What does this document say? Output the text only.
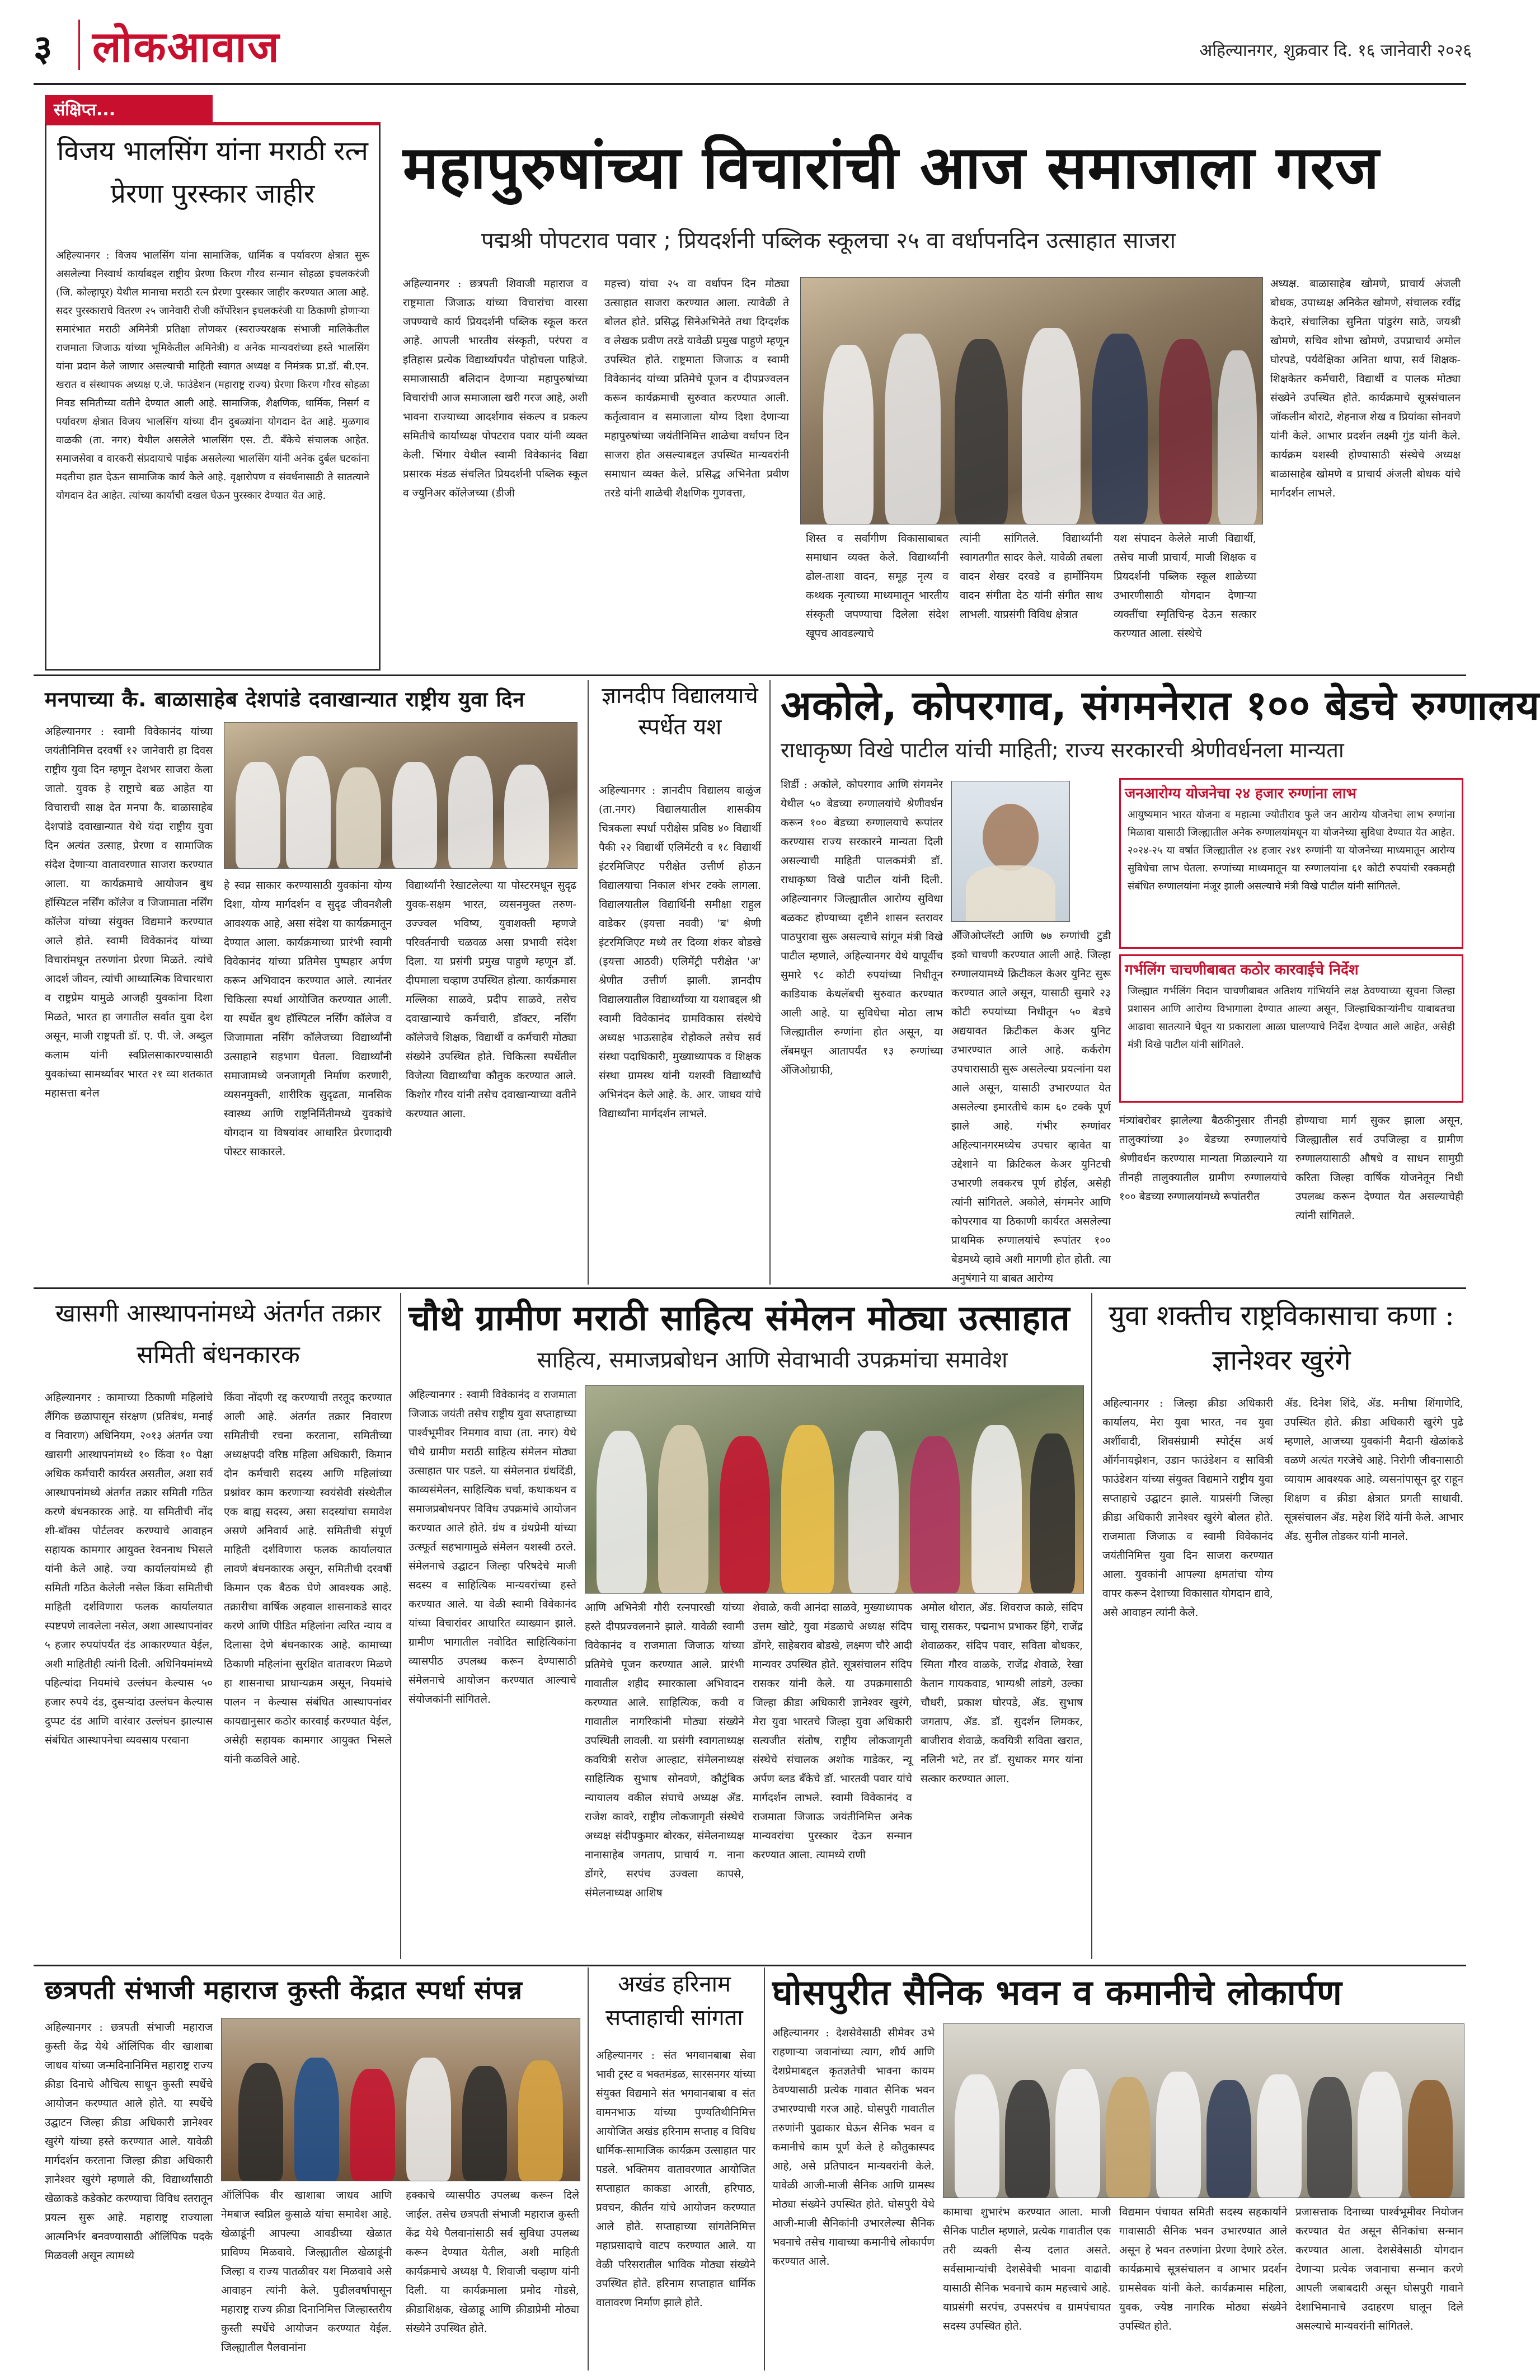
३ लोकआवाज	अहिल्यानगर, शुक्रवार दि. १६ जानेवारी २०२६
संक्षिप्त...
विजय भालसिंग यांना मराठी रत्न प्रेरणा पुरस्कार जाहीर
अहिल्यानगर : विजय भालसिंग यांना सामाजिक, धार्मिक व पर्यावरण क्षेत्रात सुरू असलेल्या निस्वार्थ कार्याबद्दल राष्ट्रीय प्रेरणा किरण गौरव सन्मान सोहळा इचलकरंजी (जि. कोल्हापूर) येथील मानाचा मराठी रत्न प्रेरणा पुरस्कार जाहीर करण्यात आला आहे. सदर पुरस्काराचे वितरण २५ जानेवारी रोजी कॉर्पोरेशन इचलकरंजी या ठिकाणी होणाऱ्या समारंभात मराठी अमिनेत्री प्रतिक्षा लोणकर (स्वराज्यरक्षक संभाजी मालिकेतील राजमाता जिजाऊ यांच्या भूमिकेतील अमिनेत्री) व अनेक मान्यवरांच्या हस्ते भालसिंग यांना प्रदान केले जाणार असल्याची माहिती स्वागत अध्यक्ष व निमंत्रक प्रा.डॉ. बी.एन. खरात व संस्थापक अध्यक्ष ए.जे. फाउंडेशन (महाराष्ट्र राज्य) प्रेरणा किरण गौरव सोहळा निवड समितीच्या वतीने देण्यात आली आहे. सामाजिक, शैक्षणिक, धार्मिक, निसर्ग व पर्यावरण क्षेत्रात विजय भालसिंग यांच्या दीन दुबळ्यांना योगदान देत आहे. मुळगाव वाळकी (ता. नगर) येथील असलेले भालसिंग एस. टी. बँकेचे संचालक आहेत. समाजसेवा व वारकरी संप्रदायाचे पाईक असलेल्या भालसिंग यांनी अनेक दुर्बल घटकांना मदतीचा हात देऊन सामाजिक कार्य केले आहे. वृक्षारोपण व संवर्धनासाठी ते सातत्याने योगदान देत आहेत. त्यांच्या कार्याची दखल घेऊन पुरस्कार देण्यात येत आहे.
महापुरुषांच्या विचारांची आज समाजाला गरज
पद्मश्री पोपटराव पवार ; प्रियदर्शनी पब्लिक स्कूलचा २५ वा वर्धापनदिन उत्साहात साजरा
अहिल्यानगर : छत्रपती शिवाजी महाराज व राष्ट्रमाता जिजाऊ यांच्या विचारांचा वारसा जपण्याचे कार्य प्रियदर्शनी पब्लिक स्कूल करत आहे. आपली भारतीय संस्कृती, परंपरा व इतिहास प्रत्येक विद्यार्थ्यापर्यंत पोहोचला पाहिजे. समाजासाठी बलिदान देणाऱ्या महापुरुषांच्या विचारांची आज समाजाला खरी गरज आहे, अशी भावना राज्याच्या आदर्शगाव संकल्प व प्रकल्प समितीचे कार्याध्यक्ष पोपटराव पवार यांनी व्यक्त केली. भिंगार येथील स्वामी विवेकानंद विद्या प्रसारक मंडळ संचलित प्रियदर्शनी पब्लिक स्कूल व ज्युनिअर कॉलेजच्या (डीजी
महत्त्व) यांचा २५ वा वर्धापन दिन मोठ्या उत्साहात साजरा करण्यात आला. त्यावेळी ते बोलत होते. प्रसिद्ध सिनेअभिनेते तथा दिग्दर्शक व लेखक प्रवीण तरडे यावेळी प्रमुख पाहुणे म्हणून उपस्थित होते. राष्ट्रमाता जिजाऊ व स्वामी विवेकानंद यांच्या प्रतिमेचे पूजन व दीपप्रज्वलन करून कार्यक्रमाची सुरुवात करण्यात आली. कर्तृत्वावान व समाजाला योग्य दिशा देणाऱ्या महापुरुषांच्या जयंतीनिमित्त शाळेचा वर्धापन दिन साजरा होत असल्याबद्दल उपस्थित मान्यवरांनी समाधान व्यक्त केले. प्रसिद्ध अभिनेता प्रवीण तरडे यांनी शाळेची शैक्षणिक गुणवत्ता,
शिस्त व सर्वांगीण विकासाबाबत समाधान व्यक्त केले. विद्यार्थ्यांनी ढोल-ताशा वादन, समूह नृत्य व कथ्थक नृत्याच्या माध्यमातून भारतीय संस्कृती जपण्याचा दिलेला संदेश खूपच आवडल्याचे
त्यांनी सांगितले. विद्यार्थ्यांनी स्वागतगीत सादर केले. यावेळी तबला वादन शेखर दरवडे व हार्मोनियम वादन संगीता देठ यांनी संगीत साथ लाभली. याप्रसंगी विविध क्षेत्रात
यश संपादन केलेले माजी विद्यार्थी, तसेच माजी प्राचार्य, माजी शिक्षक व प्रियदर्शनी पब्लिक स्कूल शाळेच्या उभारणीसाठी योगदान देणाऱ्या व्यक्तींचा स्मृतिचिन्ह देऊन सत्कार करण्यात आला. संस्थेचे
अध्यक्ष. बाळासाहेब खोमणे, प्राचार्य अंजली बोधक, उपाध्यक्ष अनिकेत खोमणे, संचालक रवींद्र केदारे, संचालिका सुनिता पांडुरंग साठे, जयश्री खोमणे, सचिव शोभा खोमणे, उपप्राचार्य अमोल घोरपडे, पर्यवेक्षिका अनिता थापा, सर्व शिक्षक-शिक्षकेतर कर्मचारी, विद्यार्थी व पालक मोठ्या संख्येने उपस्थित होते. कार्यक्रमाचे सूत्रसंचालन जॉकलीन बोराटे, शेहनाज शेख व प्रियांका सोनवणे यांनी केले. आभार प्रदर्शन लक्ष्मी गुंड यांनी केले. कार्यक्रम यशस्वी होण्यासाठी संस्थेचे अध्यक्ष बाळासाहेब खोमणे व प्राचार्य अंजली बोधक यांचे मार्गदर्शन लाभले.
मनपाच्या कै. बाळासाहेब देशपांडे दवाखान्यात राष्ट्रीय युवा दिन
अहिल्यानगर : स्वामी विवेकानंद यांच्या जयंतीनिमित्त दरवर्षी १२ जानेवारी हा दिवस राष्ट्रीय युवा दिन म्हणून देशभर साजरा केला जातो. युवक हे राष्ट्राचे बळ आहेत या विचाराची साक्ष देत मनपा कै. बाळासाहेब देशपांडे दवाखान्यात येथे यंदा राष्ट्रीय युवा दिन अत्यंत उत्साह, प्रेरणा व सामाजिक संदेश देणाऱ्या वातावरणात साजरा करण्यात आला. या कार्यक्रमाचे आयोजन बुथ हॉस्पिटल नर्सिंग कॉलेज व जिजामाता नर्सिंग कॉलेज यांच्या संयुक्त विद्यमाने करण्यात आले होते. स्वामी विवेकानंद यांच्या विचारांमधून तरुणांना प्रेरणा मिळते. त्यांचे आदर्श जीवन, त्यांची आध्यात्मिक विचारधारा व राष्ट्रप्रेम यामुळे आजही युवकांना दिशा मिळते, भारत हा जगातील सर्वात युवा देश असून, माजी राष्ट्रपती डॉ. ए. पी. जे. अब्दुल कलाम यांनी स्वप्निलसाकारण्यासाठी युवकांच्या सामर्थ्यावर भारत २१ व्या शतकात महासत्ता बनेल
हे स्वप्न साकार करण्यासाठी युवकांना योग्य दिशा, योग्य मार्गदर्शन व सुदृढ जीवनशैली आवश्यक आहे, असा संदेश या कार्यक्रमातून देण्यात आला. कार्यक्रमाच्या प्रारंभी स्वामी विवेकानंद यांच्या प्रतिमेस पुष्पहार अर्पण करून अभिवादन करण्यात आले. त्यानंतर चिकित्सा स्पर्धा आयोजित करण्यात आली. या स्पर्धेत बुथ हॉस्पिटल नर्सिंग कॉलेज व जिजामाता नर्सिंग कॉलेजच्या विद्यार्थ्यांनी उत्साहाने सहभाग घेतला. विद्यार्थ्यांनी समाजामध्ये जनजागृती निर्माण करणारी, व्यसनमुक्ती, शारीरिक सुदृढता, मानसिक स्वास्थ्य आणि राष्ट्रनिर्मितीमध्ये युवकांचे योगदान या विषयांवर आधारित प्रेरणादायी पोस्टर साकारले.
विद्यार्थ्यांनी रेखाटलेल्या या पोस्टरमधून सुदृढ युवक-सक्षम भारत, व्यसनमुक्त तरुण-उज्ज्वल भविष्य, युवाशक्ती म्हणजे परिवर्तनाची चळवळ असा प्रभावी संदेश दिला. या प्रसंगी प्रमुख पाहुणे म्हणून डॉ. दीपमाला चव्हाण उपस्थित होत्या. कार्यक्रमास मल्लिका साळवे, प्रदीप साळवे, तसेच दवाखान्याचे कर्मचारी, डॉक्टर, नर्सिंग कॉलेजचे शिक्षक, विद्यार्थी व कर्मचारी मोठ्या संख्येने उपस्थित होते. चिकित्सा स्पर्धेतील विजेत्या विद्यार्थ्यांचा कौतुक करण्यात आले. किशोर गौरव यांनी तसेच दवाखान्याच्या वतीने करण्यात आला.
ज्ञानदीप विद्यालयाचे स्पर्धेत यश
अहिल्यानगर : ज्ञानदीप विद्यालय वाळुंज (ता.नगर) विद्यालयातील शासकीय चित्रकला स्पर्धा परीक्षेस प्रविष्ठ ४० विद्यार्थी पैकी २२ विद्यार्थी एलिमेंटरी व १८ विद्यार्थी इंटरमिजिएट परीक्षेत उत्तीर्ण होऊन विद्यालयाचा निकाल शंभर टक्के लागला. विद्यालयातील विद्यार्थिनी समीक्षा राहुल वाडेकर (इयत्ता नववी) 'ब' श्रेणी इंटरमिजिएट मध्ये तर दिव्या शंकर बोडखे (इयत्ता आठवी) एलिमेंट्री परीक्षेत 'अ' श्रेणीत उत्तीर्ण झाली. ज्ञानदीप विद्यालयातील विद्यार्थ्यांच्या या यशाबद्दल श्री स्वामी विवेकानंद ग्रामविकास संस्थेचे अध्यक्ष भाऊसाहेब रोहोकले तसेच सर्व संस्था पदाधिकारी, मुख्याध्यापक व शिक्षक संस्था ग्रामस्थ यांनी यशस्वी विद्यार्थ्यांचे अभिनंदन केले आहे. के. आर. जाधव यांचे विद्यार्थ्यांना मार्गदर्शन लाभले.
अकोले, कोपरगाव, संगमनेरात १०० बेडचे रुग्णालय
राधाकृष्ण विखे पाटील यांची माहिती; राज्य सरकारची श्रेणीवर्धनला मान्यता
शिर्डी : अकोले, कोपरगाव आणि संगमनेर येथील ५० बेडच्या रुग्णालयांचे श्रेणीवर्धन करून १०० बेडच्या रुग्णालयाचे रूपांतर करण्यास राज्य सरकारने मान्यता दिली असल्याची माहिती पालकमंत्री डॉ. राधाकृष्ण विखे पाटील यांनी दिली. अहिल्यानगर जिल्ह्यातील आरोग्य सुविधा बळकट होण्याच्या दृष्टीने शासन स्तरावर पाठपुरावा सुरू असल्याचे सांगून मंत्री विखे पाटील म्हणाले, अहिल्यानगर येथे यापूर्वीच सुमारे ९८ कोटी रुपयांच्या निधीतून काडियाक केथलॅबची सुरुवात करण्यात आली आहे. या सुविधेचा मोठा लाभ जिल्ह्यातील रुग्णांना होत असून, या लॅबमधून आतापर्यंत १३ रुग्णांच्या अँजिओग्राफी,
अँजिओप्लॅस्टी आणि ७७ रुग्णांची टुडी इको चाचणी करण्यात आली आहे. जिल्हा रुग्णालयामध्ये क्रिटीकल केअर युनिट सुरू करण्यात आले असून, यासाठी सुमारे २३ कोटी रुपयांच्या निधीतून ५० बेडचे अद्ययावत क्रिटीकल केअर युनिट उभारण्यात आले आहे. कर्करोग उपचारासाठी सुरू असलेल्या प्रयत्नांना यश आले असून, यासाठी उभारण्यात येत असलेल्या इमारतीचे काम ६० टक्के पूर्ण झाले आहे. गंभीर रुग्णांवर अहिल्यानगरमध्येच उपचार व्हावेत या उद्देशाने या क्रिटिकल केअर युनिटची उभारणी लवकरच पूर्ण होईल, असेही त्यांनी सांगितले. अकोले, संगमनेर आणि कोपरगाव या ठिकाणी कार्यरत असलेल्या प्राथमिक रुग्णालयांचे रूपांतर १०० बेडमध्ये व्हावे अशी मागणी होत होती. त्या अनुषंगाने या बाबत आरोग्य
जनआरोग्य योजनेचा २४ हजार रुग्णांना लाभ
आयुष्यमान भारत योजना व महात्मा ज्योतीराव फुले जन आरोग्य योजनेचा लाभ रुग्णांना मिळावा यासाठी जिल्ह्यातील अनेक रुग्णालयांमधून या योजनेच्या सुविधा देण्यात येत आहेत. २०२४-२५ या वर्षात जिल्ह्यातील २४ हजार २४१ रुग्णांनी या योजनेच्या माध्यमातून आरोग्य सुविधेचा लाभ घेतला. रुग्णांच्या माध्यमातून या रुग्णालयांना ६१ कोटी रुपयांची रक्कमही संबंधित रुग्णालयांना मंजूर झाली असल्याचे मंत्री विखे पाटील यांनी सांगितले.
गर्भलिंग चाचणीबाबत कठोर कारवाईचे निर्देश
जिल्ह्यात गर्भलिंग निदान चाचणीबाबत अतिशय गांभिर्याने लक्ष ठेवण्याच्या सूचना जिल्हा प्रशासन आणि आरोग्य विभागाला देण्यात आल्या असून, जिल्हाधिकाऱ्यांनीच याबाबतचा आढावा सातत्याने घेवून या प्रकाराला आळा घालण्याचे निर्देश देण्यात आले आहेत, असेही मंत्री विखे पाटील यांनी सांगितले.
मंत्र्यांबरोबर झालेल्या बैठकीनुसार तीनही तालुक्यांच्या ३० बेडच्या रुग्णालयांचे श्रेणीवर्धन करण्यास मान्यता मिळाल्याने या तीनही तालुक्यातील ग्रामीण रुग्णालयांचे १०० बेडच्या रुग्णालयांमध्ये रूपांतरीत
होण्याचा मार्ग सुकर झाला असून, जिल्ह्यातील सर्व उपजिल्हा व ग्रामीण रुग्णालयासाठी औषधे व साधन सामुग्री करिता जिल्हा वार्षिक योजनेतून निधी उपलब्ध करून देण्यात येत असल्याचेही त्यांनी सांगितले.
खासगी आस्थापनांमध्ये अंतर्गत तक्रार समिती बंधनकारक
अहिल्यानगर : कामाच्या ठिकाणी महिलांचे लैंगिक छळापासून संरक्षण (प्रतिबंध, मनाई व निवारण) अधिनियम, २०१३ अंतर्गत ज्या खासगी आस्थापनांमध्ये १० किंवा १० पेक्षा अधिक कर्मचारी कार्यरत असतील, अशा सर्व आस्थापनांमध्ये अंतर्गत तक्रार समिती गठित करणे बंधनकारक आहे. या समितीची नोंद शी-बॉक्स पोर्टलवर करण्याचे आवाहन सहायक कामगार आयुक्त रेवननाथ भिसले यांनी केले आहे. ज्या कार्यालयांमध्ये ही समिती गठित केलेली नसेल किंवा समितीची माहिती दर्शविणारा फलक कार्यालयात स्पष्टपणे लावलेला नसेल, अशा आस्थापनांवर ५ हजार रुपयांपर्यंत दंड आकारण्यात येईल, अशी माहितीही त्यांनी दिली. अधिनियमांमध्ये पहिल्यांदा नियमांचे उल्लंघन केल्यास ५० हजार रुपये दंड, दुसऱ्यांदा उल्लंघन केल्यास दुप्पट दंड आणि वारंवार उल्लंघन झाल्यास संबंधित आस्थापनेचा व्यवसाय परवाना
किंवा नोंदणी रद्द करण्याची तरतूद करण्यात आली आहे. अंतर्गत तक्रार निवारण समितीची रचना करताना, समितीच्या अध्यक्षपदी वरिष्ठ महिला अधिकारी, किमान दोन कर्मचारी सदस्य आणि महिलांच्या प्रश्नांवर काम करणाऱ्या स्वयंसेवी संस्थेतील एक बाह्य सदस्य, असा सदस्यांचा समावेश असणे अनिवार्य आहे. समितीची संपूर्ण माहिती दर्शविणारा फलक कार्यालयात लावणे बंधनकारक असून, समितीची दरवर्षी किमान एक बैठक घेणे आवश्यक आहे. तक्रारीचा वार्षिक अहवाल शासनाकडे सादर करणे आणि पीडित महिलांना त्वरित न्याय व दिलासा देणे बंधनकारक आहे. कामाच्या ठिकाणी महिलांना सुरक्षित वातावरण मिळणे हा शासनाचा प्राधान्यक्रम असून, नियमांचे पालन न केल्यास संबंधित आस्थापनांवर कायद्यानुसार कठोर कारवाई करण्यात येईल, असेही सहायक कामगार आयुक्त भिसले यांनी कळविले आहे.
चौथे ग्रामीण मराठी साहित्य संमेलन मोठ्या उत्साहात
साहित्य, समाजप्रबोधन आणि सेवाभावी उपक्रमांचा समावेश
अहिल्यानगर : स्वामी विवेकानंद व राजमाता जिजाऊ जयंती तसेच राष्ट्रीय युवा सप्ताहाच्या पार्श्वभूमीवर निमगाव वाघा (ता. नगर) येथे चौथे ग्रामीण मराठी साहित्य संमेलन मोठ्या उत्साहात पार पडले. या संमेलनात ग्रंथदिंडी, काव्यसंमेलन, साहित्यिक चर्चा, कथाकथन व समाजप्रबोधनपर विविध उपक्रमांचे आयोजन करण्यात आले होते. ग्रंथ व ग्रंथप्रेमी यांच्या उत्स्फूर्त सहभागामुळे संमेलन यशस्वी ठरले. संमेलनाचे उद्घाटन जिल्हा परिषदेचे माजी सदस्य व साहित्यिक मान्यवरांच्या हस्ते करण्यात आले. या वेळी स्वामी विवेकानंद यांच्या विचारांवर आधारित व्याख्यान झाले. ग्रामीण भागातील नवोदित साहित्यिकांना व्यासपीठ उपलब्ध करून देण्यासाठी संमेलनाचे आयोजन करण्यात आल्याचे संयोजकांनी सांगितले.
आणि अभिनेत्री गौरी रत्नपारखी यांच्या हस्ते दीपप्रज्वलनाने झाले. यावेळी स्वामी विवेकानंद व राजमाता जिजाऊ यांच्या प्रतिमेचे पूजन करण्यात आले. प्रारंभी गावातील शहीद स्मारकाला अभिवादन करण्यात आले. साहित्यिक, कवी व गावातील नागरिकांनी मोठ्या संख्येने उपस्थिती लावली. या प्रसंगी स्वागताध्यक्ष कवयित्री सरोज आल्हाट, संमेलनाध्यक्ष साहित्यिक सुभाष सोनवणे, कौटुंबिक न्यायालय वकील संघाचे अध्यक्ष ॲड. राजेश कावरे, राष्ट्रीय लोकजागृती संस्थेचे अध्यक्ष संदीपकुमार बोरकर, संमेलनाध्यक्ष नानासाहेब जगताप, प्राचार्य ग. नाना डोंगरे, सरपंच उज्वला कापसे, संमेलनाध्यक्ष आशिष
शेवाळे, कवी आनंदा साळवे, मुख्याध्यापक उत्तम खोटे, युवा मंडळाचे अध्यक्ष संदिप डोंगरे, साहेबराव बोडखे, लक्ष्मण चौरे आदी मान्यवर उपस्थित होते. सूत्रसंचालन संदिप रासकर यांनी केले. या उपक्रमासाठी जिल्हा क्रीडा अधिकारी ज्ञानेश्वर खुरंगे, मेरा युवा भारतचे जिल्हा युवा अधिकारी सत्यजीत संतोष, राष्ट्रीय लोकजागृती संस्थेचे संचालक अशोक गाडेकर, न्यू अर्पण ब्लड बँकेचे डॉ. भारतवी पवार यांचे मार्गदर्शन लाभले. स्वामी विवेकानंद व राजमाता जिजाऊ जयंतीनिमित्त अनेक मान्यवरांचा पुरस्कार देऊन सन्मान करण्यात आला. त्यामध्ये राणी
अमोल थोरात, ॲड. शिवराज काळे, संदिप चासू रासकर, पद्मनाभ प्रभाकर हिंगे, राजेंद्र शेवाळकर, संदिप पवार, सविता बोधकर, स्मिता गौरव वाळके, राजेंद्र शेवाळे, रेखा केतान गायकवाड, भाग्यश्री लांडगे, उल्का चौधरी, प्रकाश घोरपडे, ॲड. सुभाष जगताप, ॲड. डॉ. सुदर्शन लिमकर, बाजीराव शेवाळे, कवयित्री सविता खरात, नलिनी भटे, तर डॉ. सुधाकर मगर यांना सत्कार करण्यात आला.
युवा शक्तीच राष्ट्रविकासाचा कणा : ज्ञानेश्वर खुरंगे
अहिल्यानगर : जिल्हा क्रीडा अधिकारी कार्यालय, मेरा युवा भारत, नव युवा अर्शीवादी, शिवसंग्रामी स्पोर्ट्स अर्थ ऑर्गनायझेशन, उडान फाउंडेशन व सावित्री फाउंडेशन यांच्या संयुक्त विद्यमाने राष्ट्रीय युवा सप्ताहाचे उद्घाटन झाले. याप्रसंगी जिल्हा क्रीडा अधिकारी ज्ञानेश्वर खुरंगे बोलत होते. राजमाता जिजाऊ व स्वामी विवेकानंद जयंतीनिमित्त युवा दिन साजरा करण्यात आला. युवकांनी आपल्या क्षमतांचा योग्य वापर करून देशाच्या विकासात योगदान द्यावे, असे आवाहन त्यांनी केले.
ॲड. दिनेश शिंदे, ॲड. मनीषा शिंगाणेदि, उपस्थित होते. क्रीडा अधिकारी खुरंगे पुढे म्हणाले, आजच्या युवकांनी मैदानी खेळांकडे वळणे अत्यंत गरजेचे आहे. निरोगी जीवनासाठी व्यायाम आवश्यक आहे. व्यसनांपासून दूर राहून शिक्षण व क्रीडा क्षेत्रात प्रगती साधावी. सूत्रसंचालन ॲड. महेश शिंदे यांनी केले. आभार ॲड. सुनील तोडकर यांनी मानले.
छत्रपती संभाजी महाराज कुस्ती केंद्रात स्पर्धा संपन्न
अहिल्यानगर : छत्रपती संभाजी महाराज कुस्ती केंद्र येथे ऑलिंपिक वीर खाशाबा जाधव यांच्या जन्मदिनानिमित्त महाराष्ट्र राज्य क्रीडा दिनाचे औचित्य साधून कुस्ती स्पर्धेचे आयोजन करण्यात आले होते. या स्पर्धेचे उद्घाटन जिल्हा क्रीडा अधिकारी ज्ञानेश्वर खुरंगे यांच्या हस्ते करण्यात आले. यावेळी मार्गदर्शन करताना जिल्हा क्रीडा अधिकारी ज्ञानेश्वर खुरंगे म्हणाले की, विद्यार्थ्यांसाठी खेळाकडे कडेकोट करण्याचा विविध स्तरातून प्रयत्न सुरू आहे. महाराष्ट्र राज्याला आत्मनिर्भर बनवण्यासाठी ऑलिंपिक पदके मिळवली असून त्यामध्ये
ऑलिंपिक वीर खाशाबा जाधव आणि नेमबाज स्वप्निल कुसाळे यांचा समावेश आहे. खेळाडूंनी आपल्या आवडीच्या खेळात प्राविण्य मिळवावे. जिल्ह्यातील खेळाडूंनी जिल्हा व राज्य पातळीवर यश मिळवावे असे आवाहन त्यांनी केले. पुढीलवर्षापासून महाराष्ट्र राज्य क्रीडा दिनानिमित्त जिल्हास्तरीय कुस्ती स्पर्धेचे आयोजन करण्यात येईल. जिल्ह्यातील पैलवानांना
हक्काचे व्यासपीठ उपलब्ध करून दिले जाईल. तसेच छत्रपती संभाजी महाराज कुस्ती केंद्र येथे पैलवानांसाठी सर्व सुविधा उपलब्ध करून देण्यात येतील, अशी माहिती कार्यक्रमाचे अध्यक्ष पै. शिवाजी चव्हाण यांनी दिली. या कार्यक्रमाला प्रमोद गोडसे, क्रीडाशिक्षक, खेळाडू आणि क्रीडाप्रेमी मोठ्या संख्येने उपस्थित होते.
अखंड हरिनाम सप्ताहाची सांगता
अहिल्यानगर : संत भगवानबाबा सेवा भावी ट्रस्ट व भक्तमंडळ, सारसनगर यांच्या संयुक्त विद्यमाने संत भगवानबाबा व संत वामनभाऊ यांच्या पुण्यतिथीनिमित्त आयोजित अखंड हरिनाम सप्ताह व विविध धार्मिक-सामाजिक कार्यक्रम उत्साहात पार पडले. भक्तिमय वातावरणात आयोजित सप्ताहात काकडा आरती, हरिपाठ, प्रवचन, कीर्तन यांचे आयोजन करण्यात आले होते. सप्ताहाच्या सांगतेनिमित्त महाप्रसादाचे वाटप करण्यात आले. या वेळी परिसरातील भाविक मोठ्या संख्येने उपस्थित होते. हरिनाम सप्ताहात धार्मिक वातावरण निर्माण झाले होते.
घोसपुरीत सैनिक भवन व कमानीचे लोकार्पण
अहिल्यानगर : देशसेवेसाठी सीमेवर उभे राहणाऱ्या जवानांच्या त्याग, शौर्य आणि देशप्रेमाबद्दल कृतज्ञतेची भावना कायम ठेवण्यासाठी प्रत्येक गावात सैनिक भवन उभारण्याची गरज आहे. घोसपुरी गावातील तरुणांनी पुढाकार घेऊन सैनिक भवन व कमानीचे काम पूर्ण केले हे कौतुकास्पद आहे, असे प्रतिपादन मान्यवरांनी केले. यावेळी आजी-माजी सैनिक आणि ग्रामस्थ मोठ्या संख्येने उपस्थित होते. घोसपुरी येथे आजी-माजी सैनिकांनी उभारलेल्या सैनिक भवनाचे तसेच गावाच्या कमानीचे लोकार्पण करण्यात आले.
कामाचा शुभारंभ करण्यात आला. माजी सैनिक पाटील म्हणाले, प्रत्येक गावातील एक तरी व्यक्ती सैन्य दलात असते. सर्वसामान्यांची देशसेवेची भावना वाढावी यासाठी सैनिक भवनाचे काम महत्त्वाचे आहे. याप्रसंगी सरपंच, उपसरपंच व ग्रामपंचायत सदस्य उपस्थित होते.
विद्यमान पंचायत समिती सदस्य सहकार्याने गावासाठी सैनिक भवन उभारण्यात आले असून हे भवन तरुणांना प्रेरणा देणारे ठरेल. कार्यक्रमाचे सूत्रसंचालन व आभार प्रदर्शन ग्रामसेवक यांनी केले. कार्यक्रमास महिला, युवक, ज्येष्ठ नागरिक मोठ्या संख्येने उपस्थित होते.
प्रजासत्ताक दिनाच्या पार्श्वभूमीवर नियोजन करण्यात येत असून सैनिकांचा सन्मान करण्यात आला. देशसेवेसाठी योगदान देणाऱ्या प्रत्येक जवानाचा सन्मान करणे आपली जबाबदारी असून घोसपुरी गावाने देशाभिमानाचे उदाहरण घालून दिले असल्याचे मान्यवरांनी सांगितले.
